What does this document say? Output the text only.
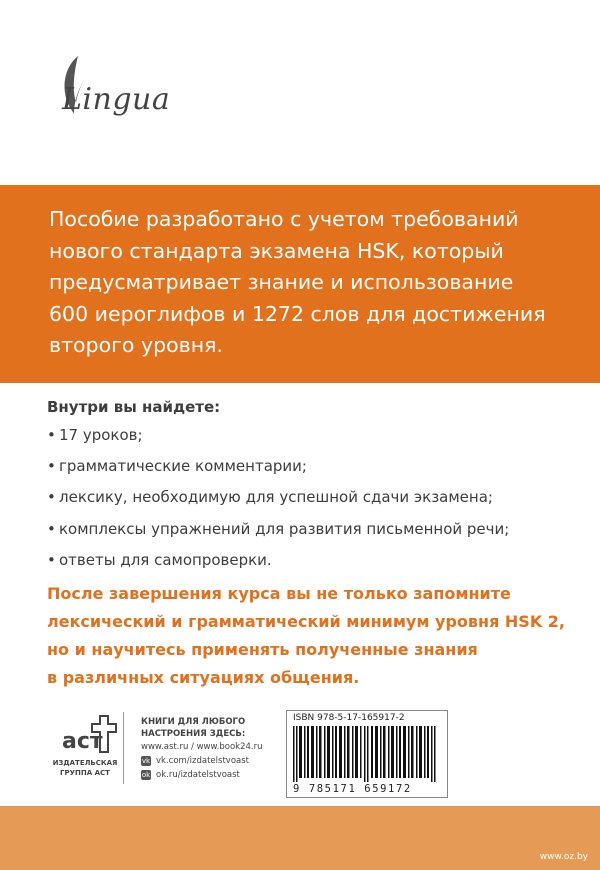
Lingua
Пособие разработано с учетом требований
нового стандарта экзамена HSK, который
предусматривает знание и использование
600 иероглифов и 1272 слов для достижения
второго уровня.
Внутри вы найдете:
• 17 уроков;
• грамматические комментарии;
• лексику, необходимую для успешной сдачи экзамена;
• комплексы упражнений для развития письменной речи;
• ответы для самопроверки.
После завершения курса вы не только запомните
лексический и грамматический минимум уровня HSK 2,
но и научитесь применять полученные знания
в различных ситуациях общения.
аст
ИЗДАТЕЛЬСКАЯ
ГРУППА АСТ
КНИГИ ДЛЯ ЛЮБОГО
НАСТРОЕНИЯ ЗДЕСЬ:
www.ast.ru / www.book24.ru
vk vk.com/izdatelstvoast
ok ok.ru/izdatelstvoast
ISBN 978-5-17-165917-2
9 785171 659172
www.oz.by
